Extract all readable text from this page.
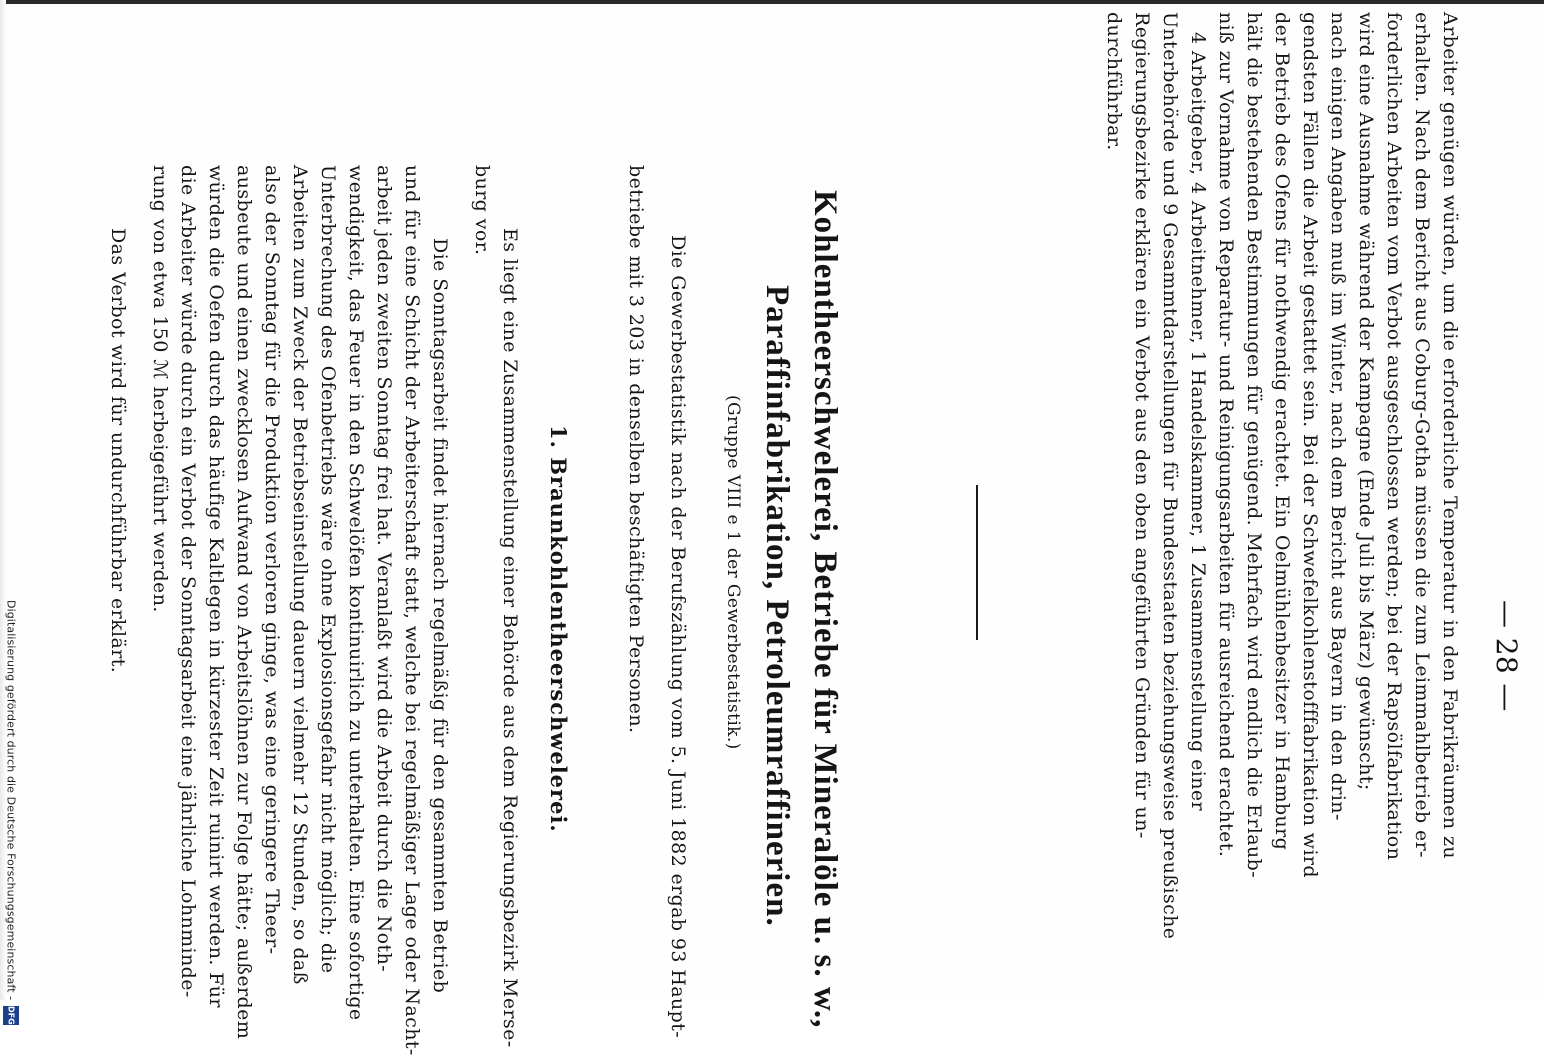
— 28 —
Arbeiter genügen würden, um die erforderliche Temperatur in den Fabrikräumen zu
erhalten. Nach dem Bericht aus Coburg-Gotha müssen die zum Leimmahlbetrieb er-
forderlichen Arbeiten vom Verbot ausgeschlossen werden; bei der Rapsölfabrikation
wird eine Ausnahme während der Kampagne (Ende Juli bis März) gewünscht;
nach einigen Angaben muß im Winter, nach dem Bericht aus Bayern in den drin-
gendsten Fällen die Arbeit gestattet sein. Bei der Schwefelkohlenstofffabrikation wird
der Betrieb des Ofens für nothwendig erachtet. Ein Oelmühlenbesitzer in Hamburg
hält die bestehenden Bestimmungen für genügend. Mehrfach wird endlich die Erlaub-
niß zur Vornahme von Reparatur- und Reinigungsarbeiten für ausreichend erachtet.
4 Arbeitgeber, 4 Arbeitnehmer, 1 Handelskammer, 1 Zusammenstellung einer
Unterbehörde und 9 Gesammtdarstellungen für Bundesstaaten beziehungsweise preußische
Regierungsbezirke erklären ein Verbot aus den oben angeführten Gründen für un-
durchführbar.
Kohlentheerschwelerei, Betriebe für Mineralöle u. s. w.,
Paraffinfabrikation, Petroleumraffinerien.
(Gruppe VIII e 1 der Gewerbestatistik.)
Die Gewerbestatistik nach der Berufszählung vom 5. Juni 1882 ergab 93 Haupt-
betriebe mit 3 203 in denselben beschäftigten Personen.
1. Braunkohlentheerschwelerei.
Es liegt eine Zusammenstellung einer Behörde aus dem Regierungsbezirk Merse-
burg vor.
Die Sonntagsarbeit findet hiernach regelmäßig für den gesammten Betrieb
und für eine Schicht der Arbeiterschaft statt, welche bei regelmäßiger Lage oder Nacht-
arbeit jeden zweiten Sonntag frei hat. Veranlaßt wird die Arbeit durch die Noth-
wendigkeit, das Feuer in den Schwelöfen kontinuirlich zu unterhalten. Eine sofortige
Unterbrechung des Ofenbetriebs wäre ohne Explosionsgefahr nicht möglich; die
Arbeiten zum Zweck der Betriebseinstellung dauern vielmehr 12 Stunden, so daß
also der Sonntag für die Produktion verloren ginge, was eine geringere Theer-
ausbeute und einen zwecklosen Aufwand von Arbeitslöhnen zur Folge hätte; außerdem
würden die Oefen durch das häufige Kaltlegen in kürzester Zeit ruinirt werden. Für
die Arbeiter würde durch ein Verbot der Sonntagsarbeit eine jährliche Lohnminde-
rung von etwa 150 ℳ herbeigeführt werden.
Das Verbot wird für undurchführbar erklärt.
Digitalisierung gefördert durch die Deutsche Forschungsgemeinschaft -
DFG
